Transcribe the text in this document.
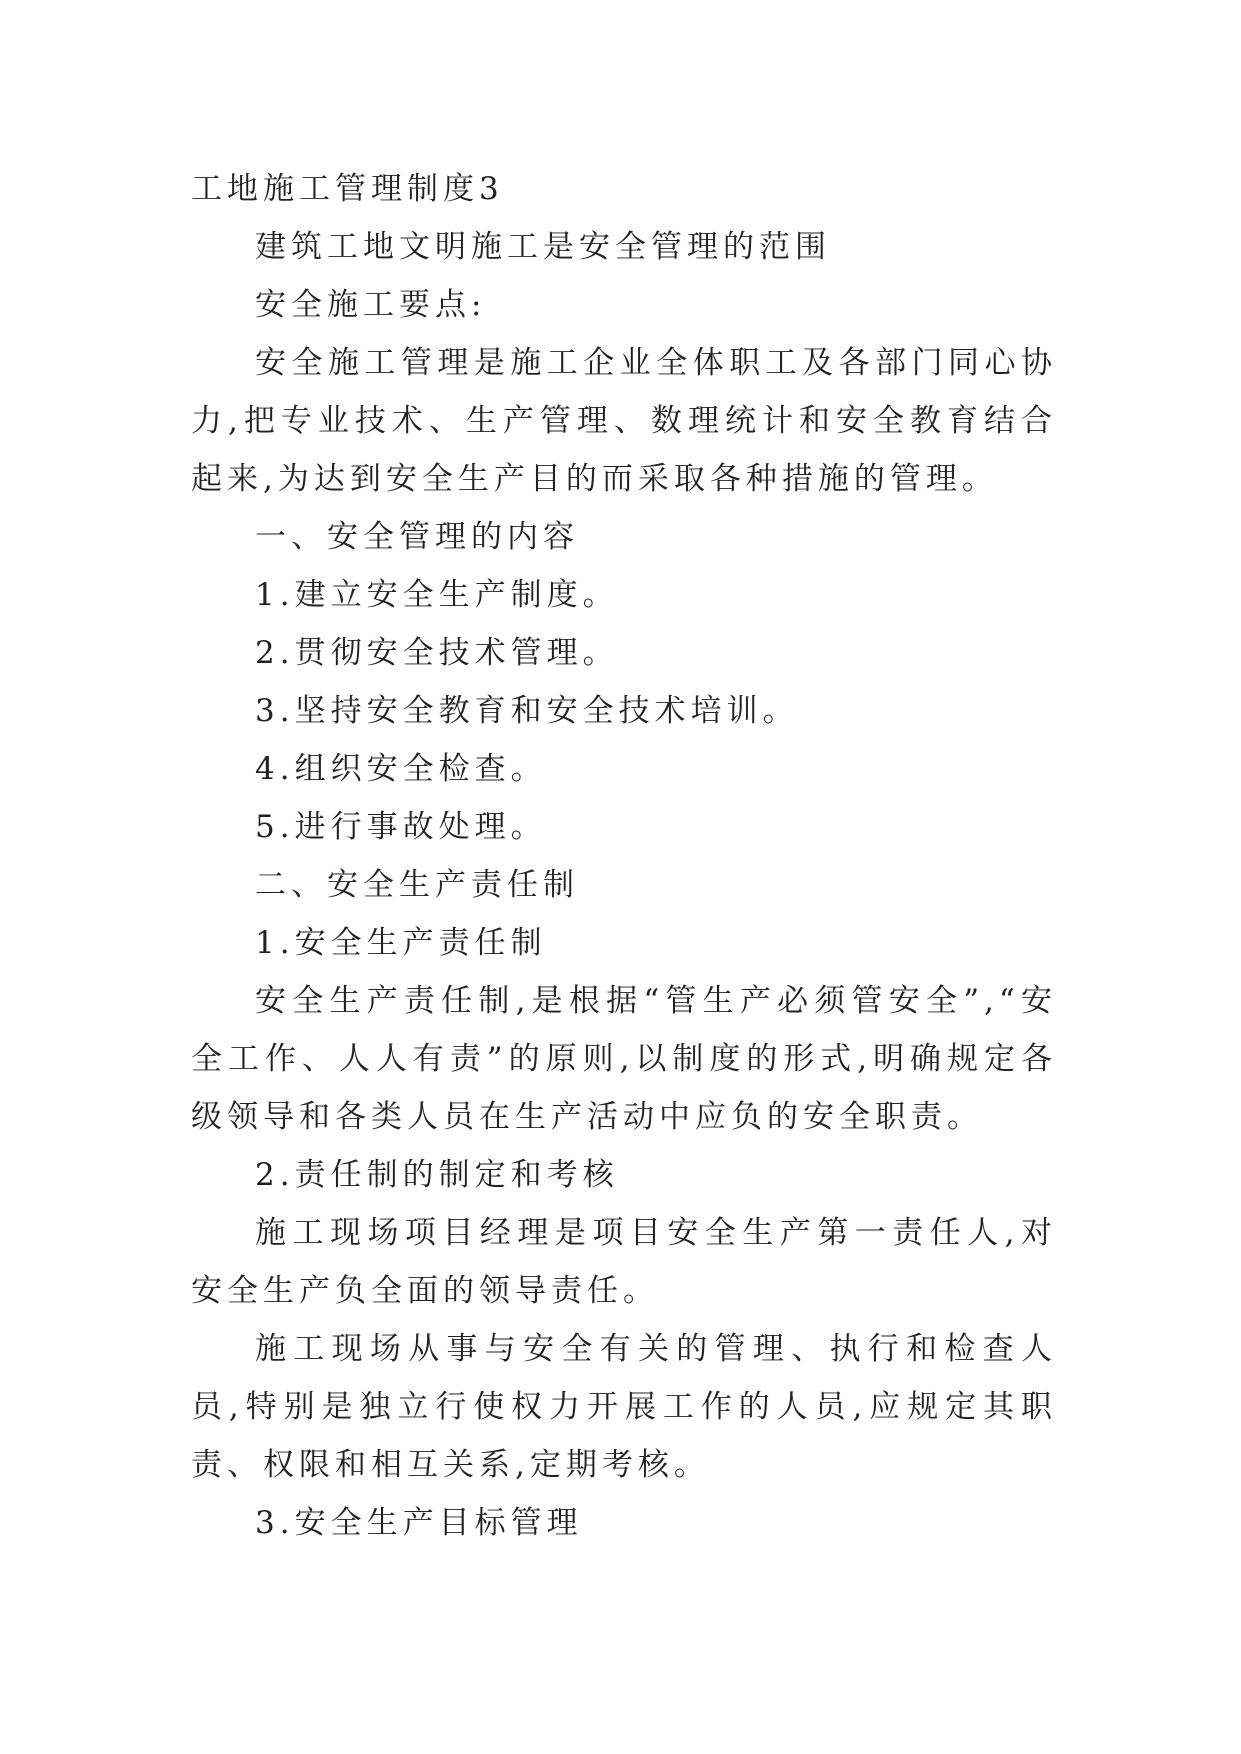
工地施工管理制度3

建筑工地文明施工是安全管理的范围

安全施工要点:

安全施工管理是施工企业全体职工及各部门同心协力,把专业技术、生产管理、数理统计和安全教育结合起来,为达到安全生产目的而采取各种措施的管理。

一、安全管理的内容

1.建立安全生产制度。

2.贯彻安全技术管理。

3.坚持安全教育和安全技术培训。

4.组织安全检查。

5.进行事故处理。

二、安全生产责任制

1.安全生产责任制

安全生产责任制,是根据“管生产必须管安全”,“安全工作、人人有责”的原则,以制度的形式,明确规定各级领导和各类人员在生产活动中应负的安全职责。

2.责任制的制定和考核

施工现场项目经理是项目安全生产第一责任人,对安全生产负全面的领导责任。

施工现场从事与安全有关的管理、执行和检查人员,特别是独立行使权力开展工作的人员,应规定其职责、权限和相互关系,定期考核。

3.安全生产目标管理
